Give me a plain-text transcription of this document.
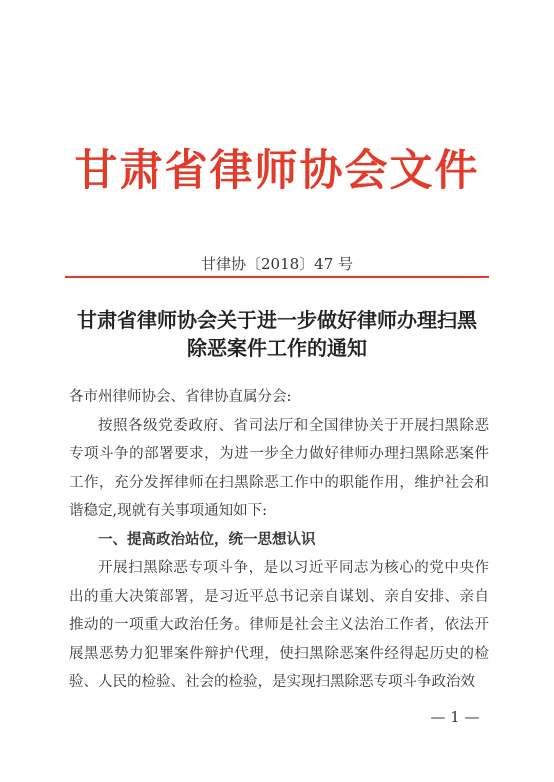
甘肃省律师协会文件
甘律协〔2018〕47 号
甘肃省律师协会关于进一步做好律师办理扫黑
除恶案件工作的通知
各市州律师协会、省律协直属分会:
按照各级党委政府、省司法厅和全国律协关于开展扫黑除恶专项斗争的部署要求，为进一步全力做好律师办理扫黑除恶案件工作，充分发挥律师在扫黑除恶工作中的职能作用，维护社会和谐稳定,现就有关事项通知如下:
一、提高政治站位，统一思想认识
开展扫黑除恶专项斗争，是以习近平同志为核心的党中央作出的重大决策部署，是习近平总书记亲自谋划、亲自安排、亲自推动的一项重大政治任务。律师是社会主义法治工作者，依法开展黑恶势力犯罪案件辩护代理，使扫黑除恶案件经得起历史的检验、人民的检验、社会的检验，是实现扫黑除恶专项斗争政治效
— 1 —
